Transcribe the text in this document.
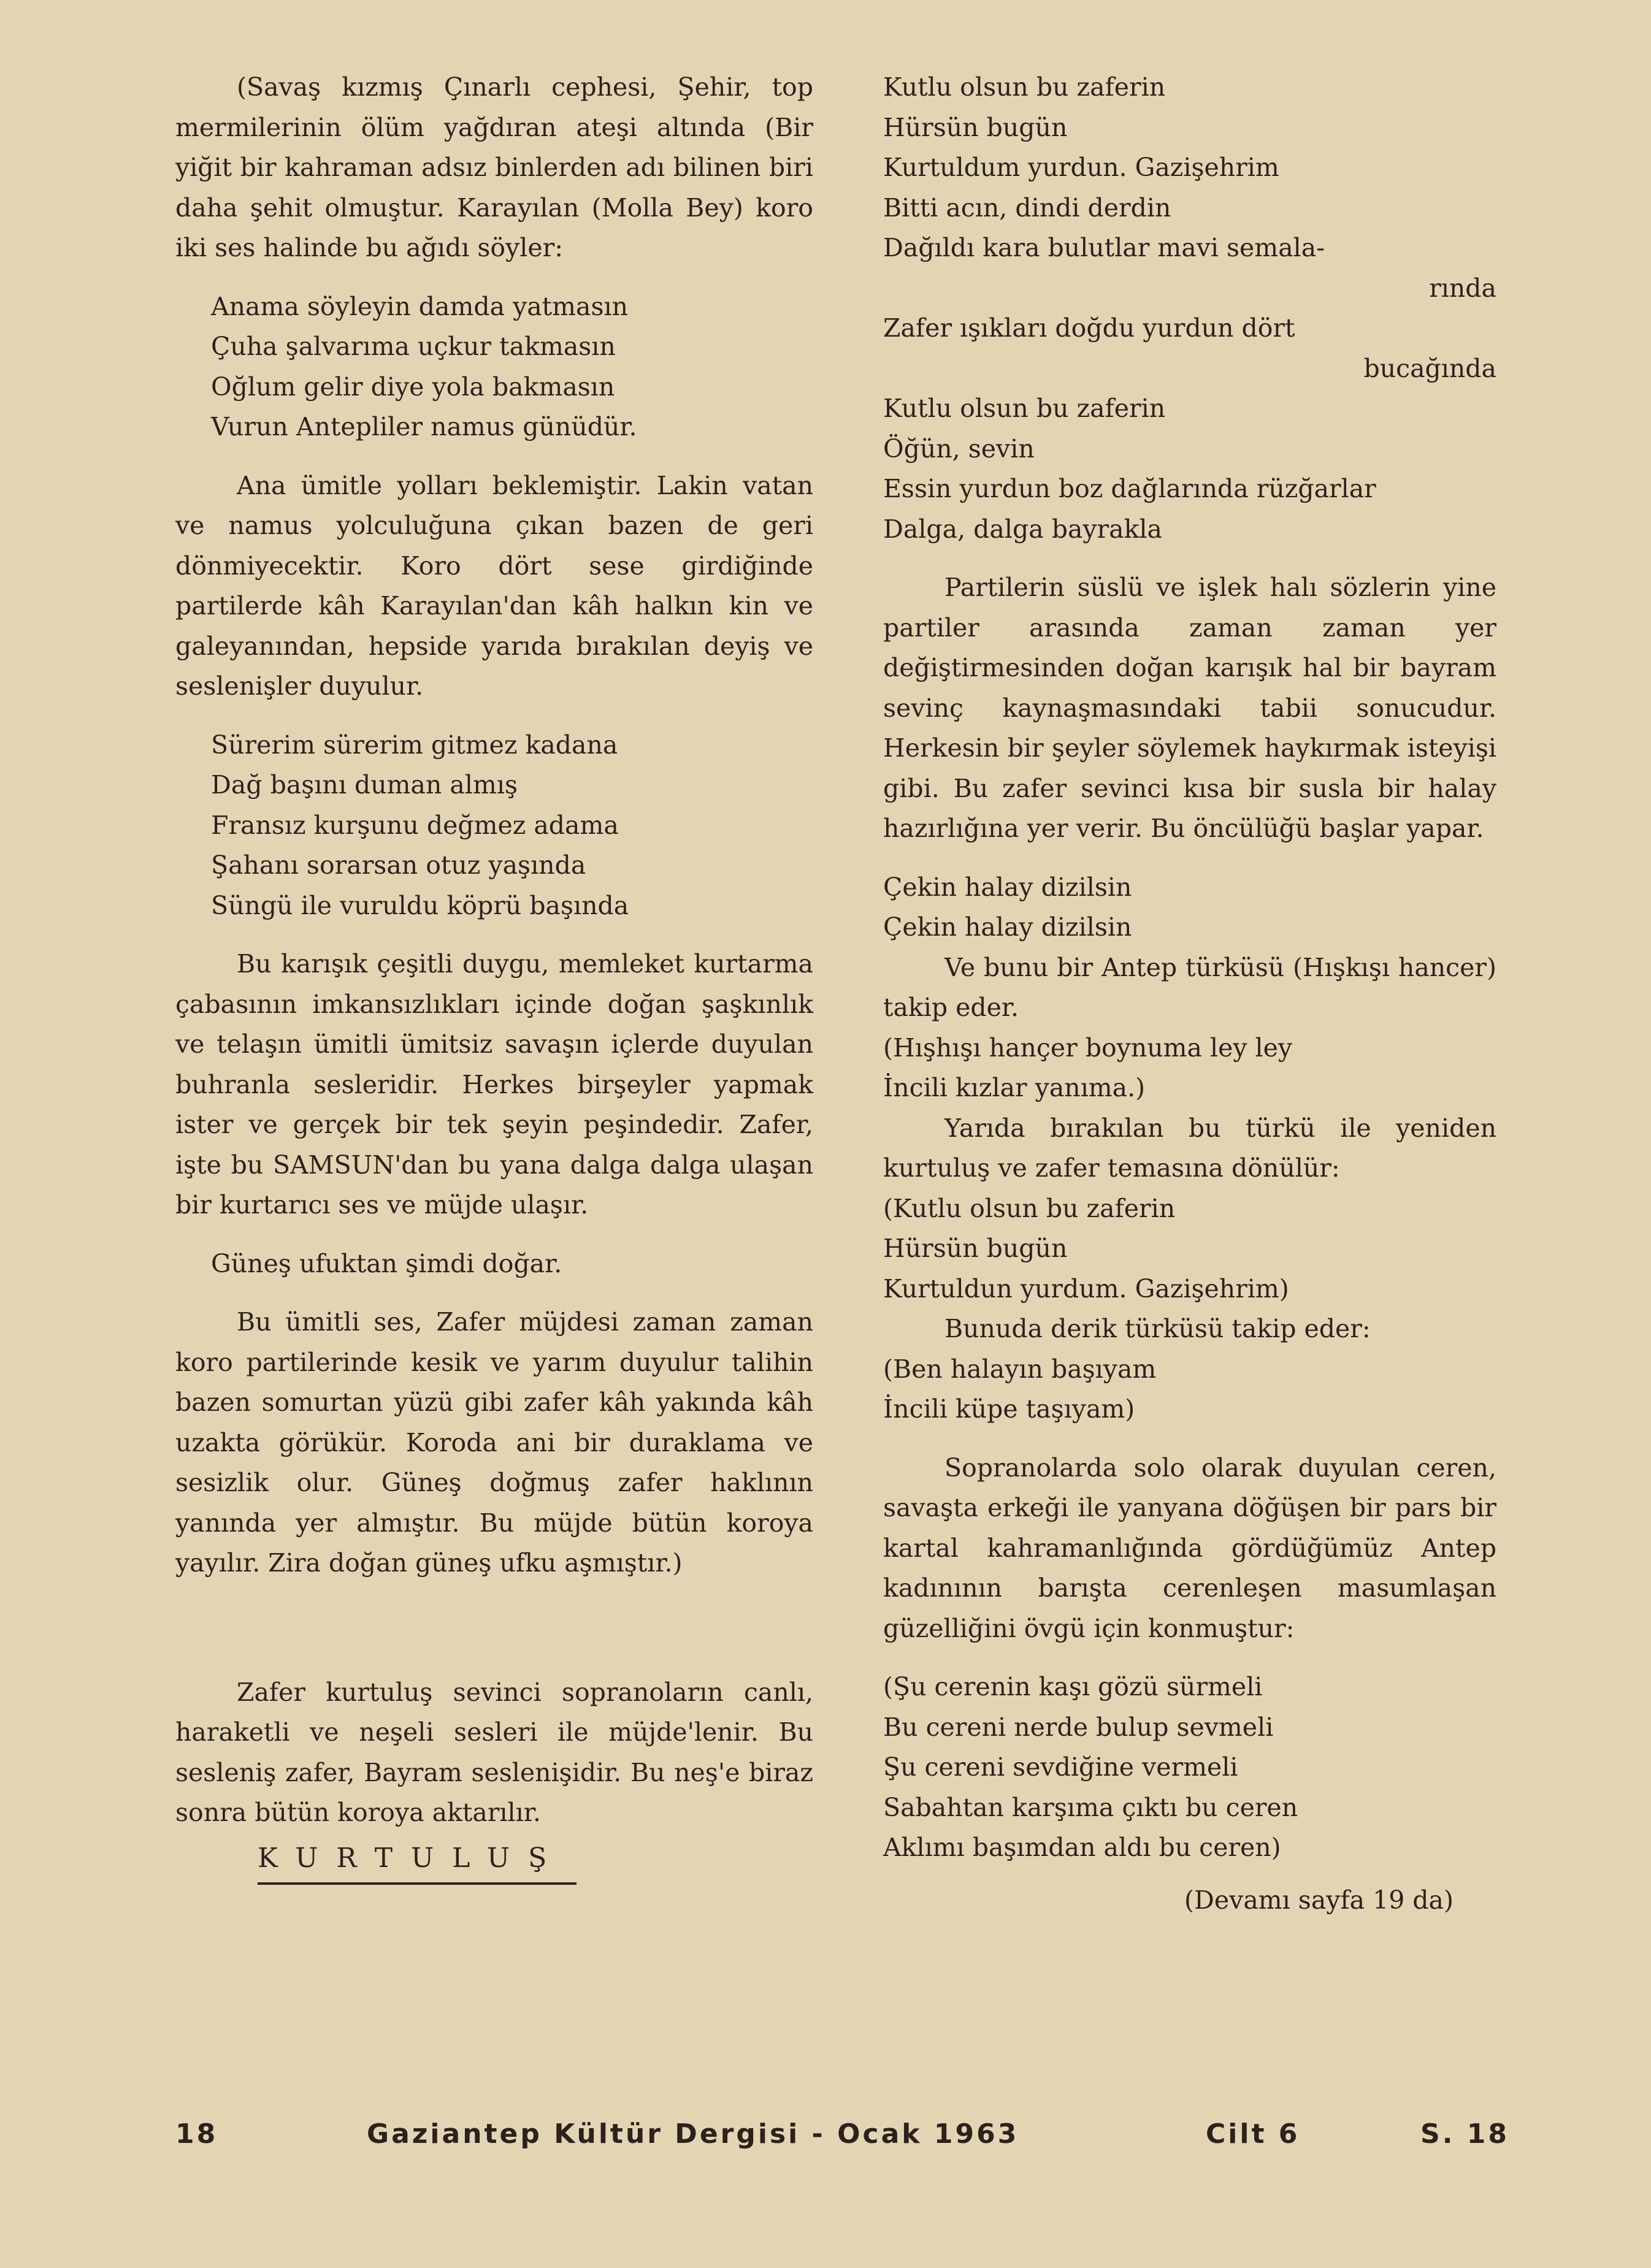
(Savaş kızmış Çınarlı cephesi, Şehir, top mermilerinin ölüm yağdıran ateşi altında (Bir yiğit bir kahraman adsız binlerden adı bilinen biri daha şehit olmuştur. Karayılan (Molla Bey) koro iki ses halinde bu ağıdı söyler:

Anama söyleyin damda yatmasın
Çuha şalvarıma uçkur takmasın
Oğlum gelir diye yola bakmasın
Vurun Antepliler namus günüdür.

Ana ümitle yolları beklemiştir. Lakin vatan ve namus yolculuğuna çıkan bazen de geri dönmiyecektir. Koro dört sese girdiğinde partilerde kâh Karayılan'dan kâh halkın kin ve galeyanından, hepside yarıda bırakılan deyiş ve seslenişler duyulur.

Sürerim sürerim gitmez kadana
Dağ başını duman almış
Fransız kurşunu değmez adama
Şahanı sorarsan otuz yaşında
Süngü ile vuruldu köprü başında

Bu karışık çeşitli duygu, memleket kurtarma çabasının imkansızlıkları içinde doğan şaşkınlık ve telaşın ümitli ümitsiz savaşın içlerde duyulan buhranla sesleridir. Herkes birşeyler yapmak ister ve gerçek bir tek şeyin peşindedir. Zafer, işte bu SAMSUN'dan bu yana dalga dalga ulaşan bir kurtarıcı ses ve müjde ulaşır.

Güneş ufuktan şimdi doğar.

Bu ümitli ses, Zafer müjdesi zaman zaman koro partilerinde kesik ve yarım duyulur talihin bazen somurtan yüzü gibi zafer kâh yakında kâh uzakta görükür. Koroda ani bir duraklama ve sesizlik olur. Güneş doğmuş zafer haklının yanında yer almıştır. Bu müjde bütün koroya yayılır. Zira doğan güneş ufku aşmıştır.)

Zafer kurtuluş sevinci sopranoların canlı, haraketli ve neşeli sesleri ile müjde'lenir. Bu sesleniş zafer, Bayram seslenişidir. Bu neş'e biraz sonra bütün koroya aktarılır.

KURTULUŞ
Kutlu olsun bu zaferin
Hürsün bugün
Kurtuldum yurdun. Gazişehrim
Bitti acın, dindi derdin
Dağıldı kara bulutlar mavi semala-
rında
Zafer ışıkları doğdu yurdun dört
bucağında
Kutlu olsun bu zaferin
Öğün, sevin
Essin yurdun boz dağlarında rüzğarlar
Dalga, dalga bayrakla

Partilerin süslü ve işlek halı sözlerin yine partiler arasında zaman zaman yer değiştirmesinden doğan karışık hal bir bayram sevinç kaynaşmasındaki tabii sonucudur. Herkesin bir şeyler söylemek haykırmak isteyişi gibi. Bu zafer sevinci kısa bir susla bir halay hazırlığına yer verir. Bu öncülüğü başlar yapar.

Çekin halay dizilsin
Çekin halay dizilsin

Ve bunu bir Antep türküsü (Hışkışı hancer) takip eder.

(Hışhışı hançer boynuma ley ley
İncili kızlar yanıma.)

Yarıda bırakılan bu türkü ile yeniden kurtuluş ve zafer temasına dönülür:

(Kutlu olsun bu zaferin
Hürsün bugün
Kurtuldun yurdum. Gazişehrim)

Bunuda derik türküsü takip eder:

(Ben halayın başıyam
İncili küpe taşıyam)

Sopranolarda solo olarak duyulan ceren, savaşta erkeği ile yanyana döğüşen bir pars bir kartal kahramanlığında gördüğümüz Antep kadınının barışta cerenleşen masumlaşan güzelliğini övgü için konmuştur:

(Şu cerenin kaşı gözü sürmeli
Bu cereni nerde bulup sevmeli
Şu cereni sevdiğine vermeli
Sabahtan karşıma çıktı bu ceren
Aklımı başımdan aldı bu ceren)
(Devamı sayfa 19 da)
18	Gaziantep Kültür Dergisi - Ocak 1963	Cilt 6	S. 18
